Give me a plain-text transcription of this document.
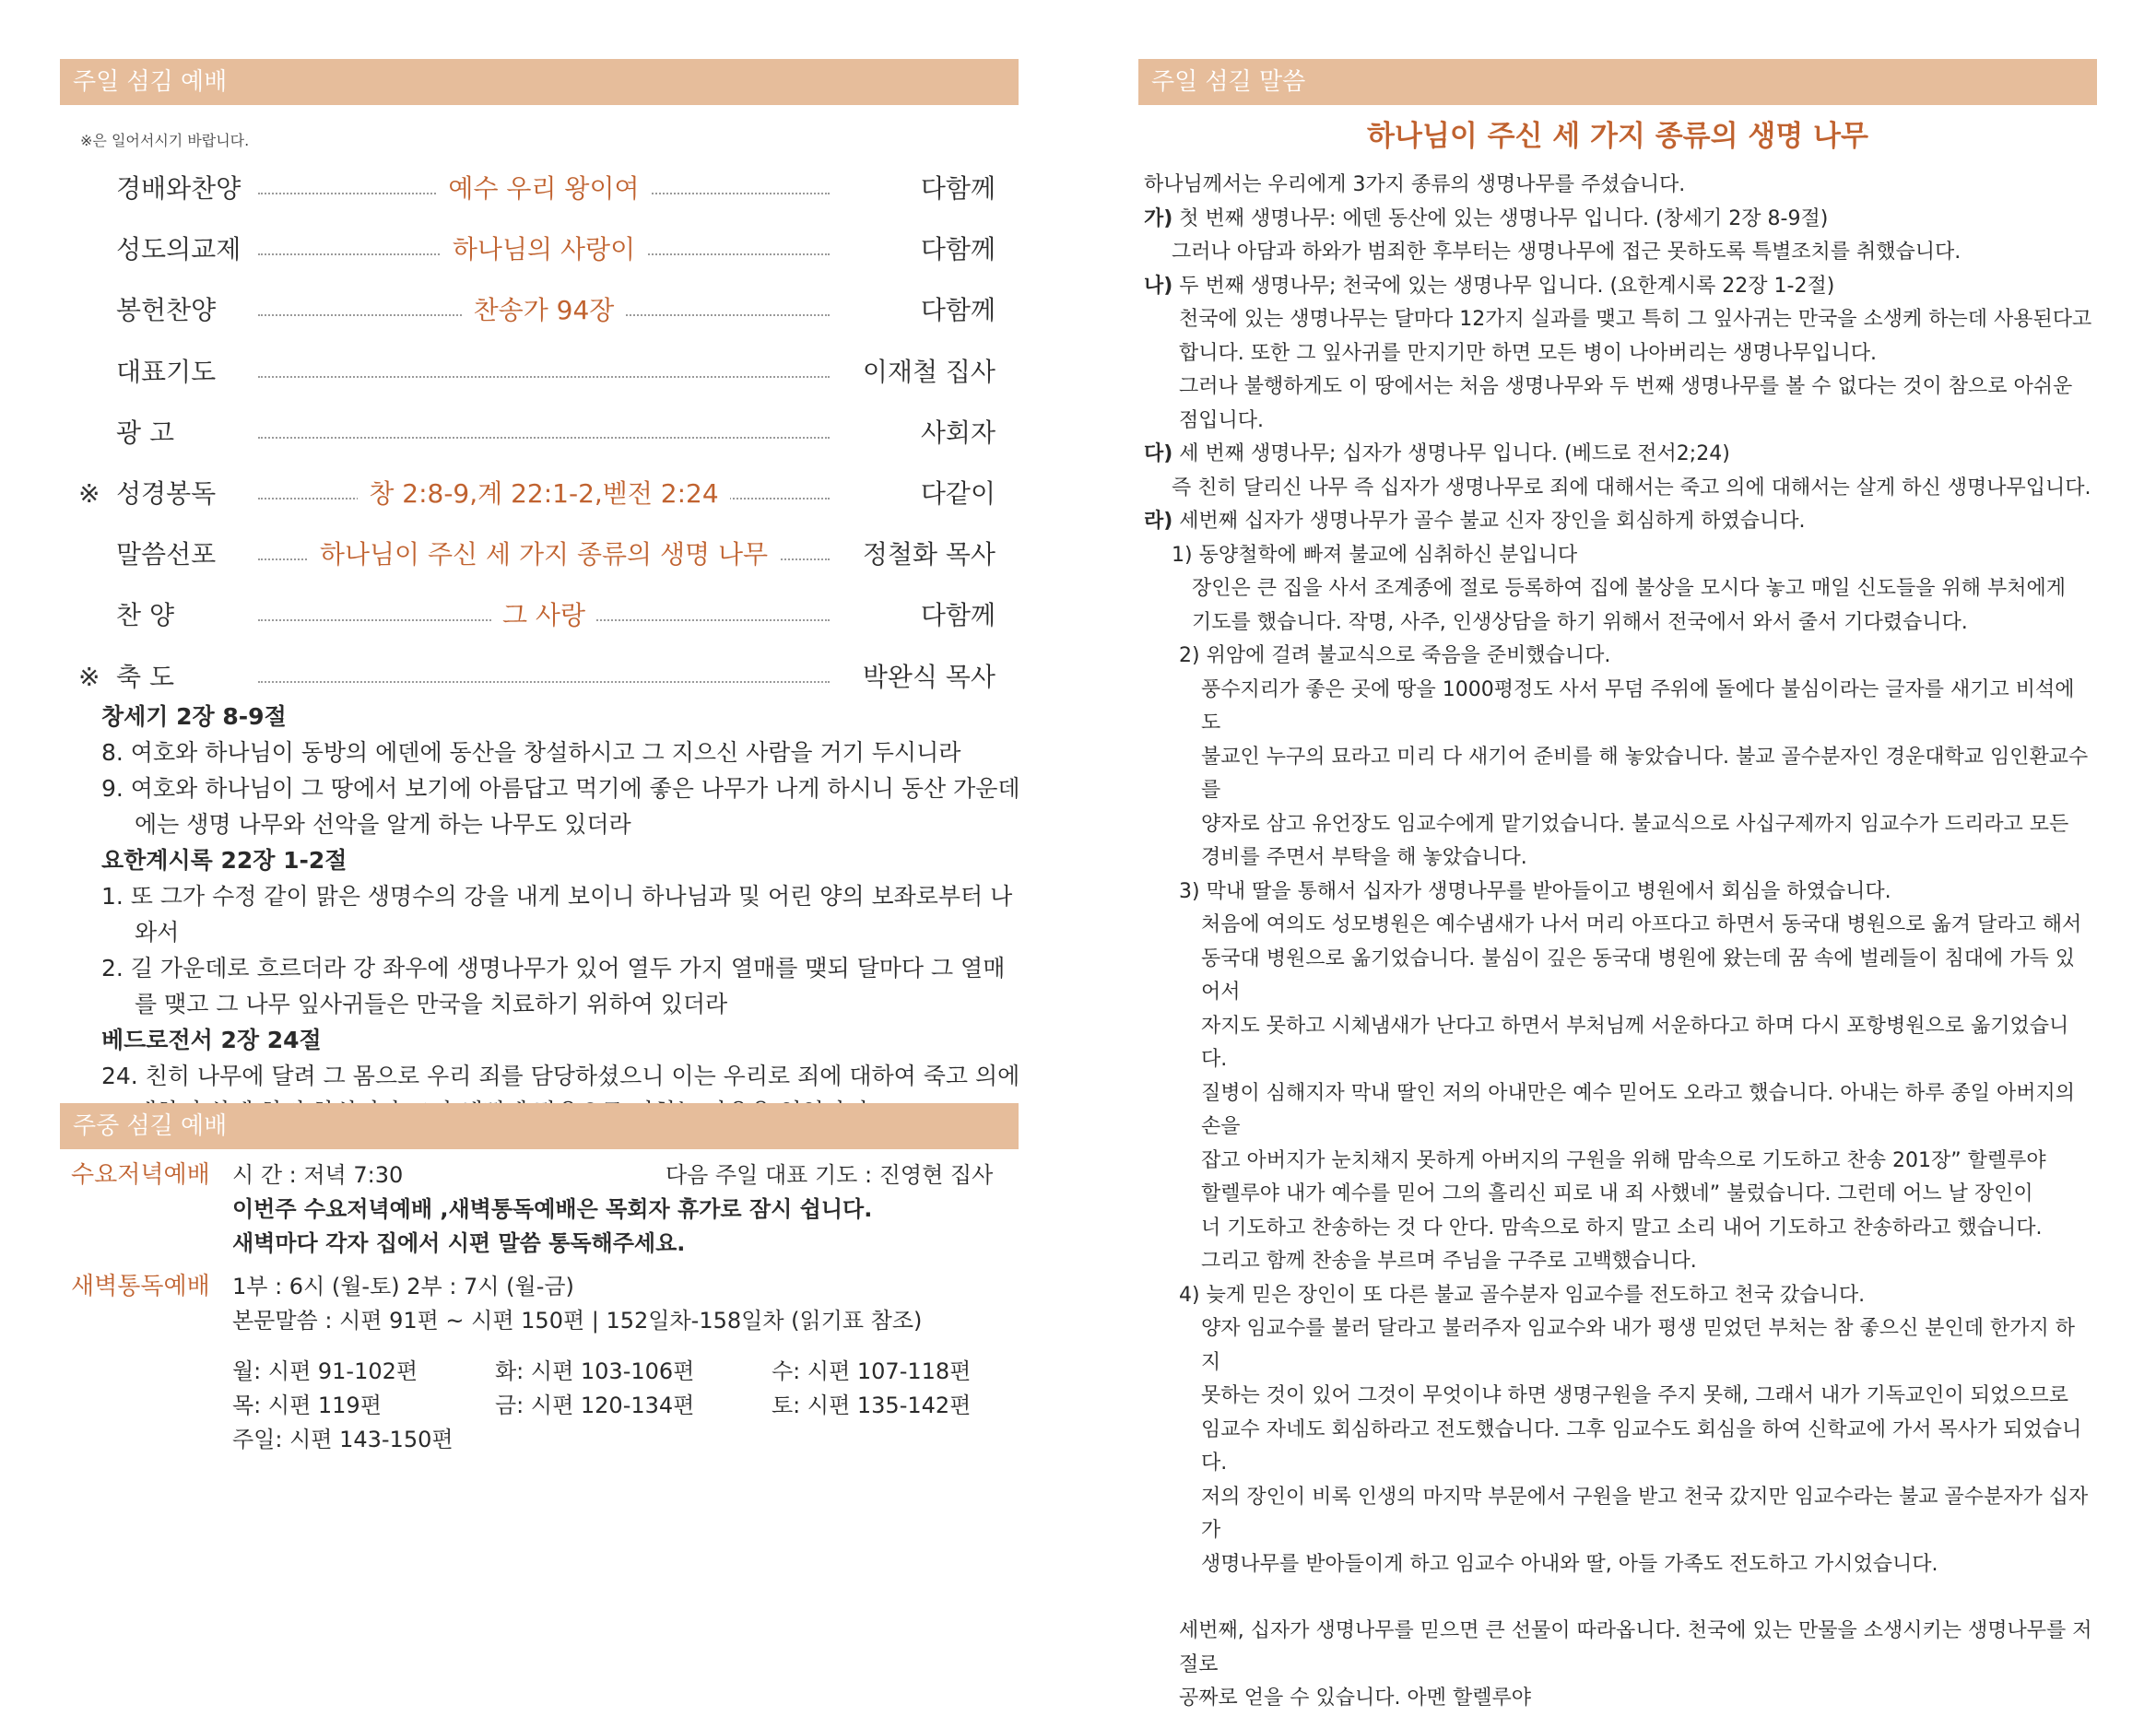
주일 섬김 예배
※은 일어서시기 바랍니다.
경배와찬양	예수 우리 왕이여	다함께
성도의교제	하나님의 사랑이	다함께
봉헌찬양	찬송가 94장	다함께
대표기도	이재철 집사
광 고	사회자
※ 성경봉독	창 2:8-9,계 22:1-2,벧전 2:24	다같이
말씀선포	하나님이 주신 세 가지 종류의 생명 나무	정철화 목사
찬 양	그 사랑	다함께
※ 축 도	박완식 목사
창세기 2장 8-9절
8. 여호와 하나님이 동방의 에덴에 동산을 창설하시고 그 지으신 사람을 거기 두시니라
9. 여호와 하나님이 그 땅에서 보기에 아름답고 먹기에 좋은 나무가 나게 하시니 동산 가운데에는 생명 나무와 선악을 알게 하는 나무도 있더라
요한계시록 22장 1-2절
1. 또 그가 수정 같이 맑은 생명수의 강을 내게 보이니 하나님과 및 어린 양의 보좌로부터 나와서
2. 길 가운데로 흐르더라 강 좌우에 생명나무가 있어 열두 가지 열매를 맺되 달마다 그 열매를 맺고 그 나무 잎사귀들은 만국을 치료하기 위하여 있더라
베드로전서 2장 24절
24. 친히 나무에 달려 그 몸으로 우리 죄를 담당하셨으니 이는 우리로 죄에 대하여 죽고 의에
주중 섬길 예배
수요저녁예배 시 간 : 저녁 7:30	다음 주일 대표 기도 : 진영현 집사
이번주 수요저녁예배 ,새벽통독예배은 목회자 휴가로 잠시 쉽니다.
새벽마다 각자 집에서 시편 말씀 통독해주세요.
새벽통독예배 1부 : 6시 (월-토) 2부 : 7시 (월-금)
본문말씀 : 시편 91편 ~ 시편 150편 | 152일차-158일차 (읽기표 참조)
월: 시편 91-102편	화: 시편 103-106편	수: 시편 107-118편
목: 시편 119편	금: 시편 120-134편	토: 시편 135-142편
주일: 시편 143-150편
주일 섬길 말씀
하나님이 주신 세 가지 종류의 생명 나무

하나님께서는 우리에게 3가지 종류의 생명나무를 주셨습니다.

가) 첫 번째 생명나무: 에덴 동산에 있는 생명나무 입니다. (창세기 2장 8-9절)

그러나 아담과 하와가 범죄한 후부터는 생명나무에 접근 못하도록 특별조치를 취했습니다.

나) 두 번째 생명나무; 천국에 있는 생명나무 입니다. (요한계시록 22장 1-2절)

천국에 있는 생명나무는 달마다 12가지 실과를 맺고 특히 그 잎사귀는 만국을 소생케 하는데 사용된다고

합니다. 또한 그 잎사귀를 만지기만 하면 모든 병이 나아버리는 생명나무입니다.

그러나 불행하게도 이 땅에서는 처음 생명나무와 두 번째 생명나무를 볼 수 없다는 것이 참으로 아쉬운

점입니다.

다) 세 번째 생명나무; 십자가 생명나무 입니다. (베드로 전서2;24)

즉 친히 달리신 나무 즉 십자가 생명나무로 죄에 대해서는 죽고 의에 대해서는 살게 하신 생명나무입니다.

라) 세번째 십자가 생명나무가 골수 불교 신자 장인을 회심하게 하였습니다.

1) 동양철학에 빠져 불교에 심취하신 분입니다

장인은 큰 집을 사서 조계종에 절로 등록하여 집에 불상을 모시다 놓고 매일 신도들을 위해 부처에게

기도를 했습니다. 작명, 사주, 인생상담을 하기 위해서 전국에서 와서 줄서 기다렸습니다.

2) 위암에 걸려 불교식으로 죽음을 준비했습니다.

풍수지리가 좋은 곳에 땅을 1000평정도 사서 무덤 주위에 돌에다 불심이라는 글자를 새기고 비석에도

불교인 누구의 묘라고 미리 다 새기어 준비를 해 놓았습니다. 불교 골수분자인 경운대학교 임인환교수를

양자로 삼고 유언장도 임교수에게 맡기었습니다. 불교식으로 사십구제까지 임교수가 드리라고 모든

경비를 주면서 부탁을 해 놓았습니다.

3) 막내 딸을 통해서 십자가 생명나무를 받아들이고 병원에서 회심을 하였습니다.

처음에 여의도 성모병원은 예수냄새가 나서 머리 아프다고 하면서 동국대 병원으로 옮겨 달라고 해서

동국대 병원으로 옮기었습니다. 불심이 깊은 동국대 병원에 왔는데 꿈 속에 벌레들이 침대에 가득 있어서

자지도 못하고 시체냄새가 난다고 하면서 부처님께 서운하다고 하며 다시 포항병원으로 옮기었습니다.

질병이 심해지자 막내 딸인 저의 아내만은 예수 믿어도 오라고 했습니다. 아내는 하루 종일 아버지의 손을

잡고 아버지가 눈치채지 못하게 아버지의 구원을 위해 맘속으로 기도하고 찬송 201장” 할렐루야

할렐루야 내가 예수를 믿어 그의 흘리신 피로 내 죄 사했네” 불렀습니다. 그런데 어느 날 장인이

너 기도하고 찬송하는 것 다 안다. 맘속으로 하지 말고 소리 내어 기도하고 찬송하라고 했습니다.

그리고 함께 찬송을 부르며 주님을 구주로 고백했습니다.

4) 늦게 믿은 장인이 또 다른 불교 골수분자 임교수를 전도하고 천국 갔습니다.

양자 임교수를 불러 달라고 불러주자 임교수와 내가 평생 믿었던 부처는 참 좋으신 분인데 한가지 하지

못하는 것이 있어 그것이 무엇이냐 하면 생명구원을 주지 못해, 그래서 내가 기독교인이 되었으므로

임교수 자네도 회심하라고 전도했습니다. 그후 임교수도 회심을 하여 신학교에 가서 목사가 되었습니다.

저의 장인이 비록 인생의 마지막 부문에서 구원을 받고 천국 갔지만 임교수라는 불교 골수분자가 십자가

생명나무를 받아들이게 하고 임교수 아내와 딸, 아들 가족도 전도하고 가시었습니다.

세번째, 십자가 생명나무를 믿으면 큰 선물이 따라옵니다. 천국에 있는 만물을 소생시키는 생명나무를 저절로

공짜로 얻을 수 있습니다. 아멘 할렐루야
